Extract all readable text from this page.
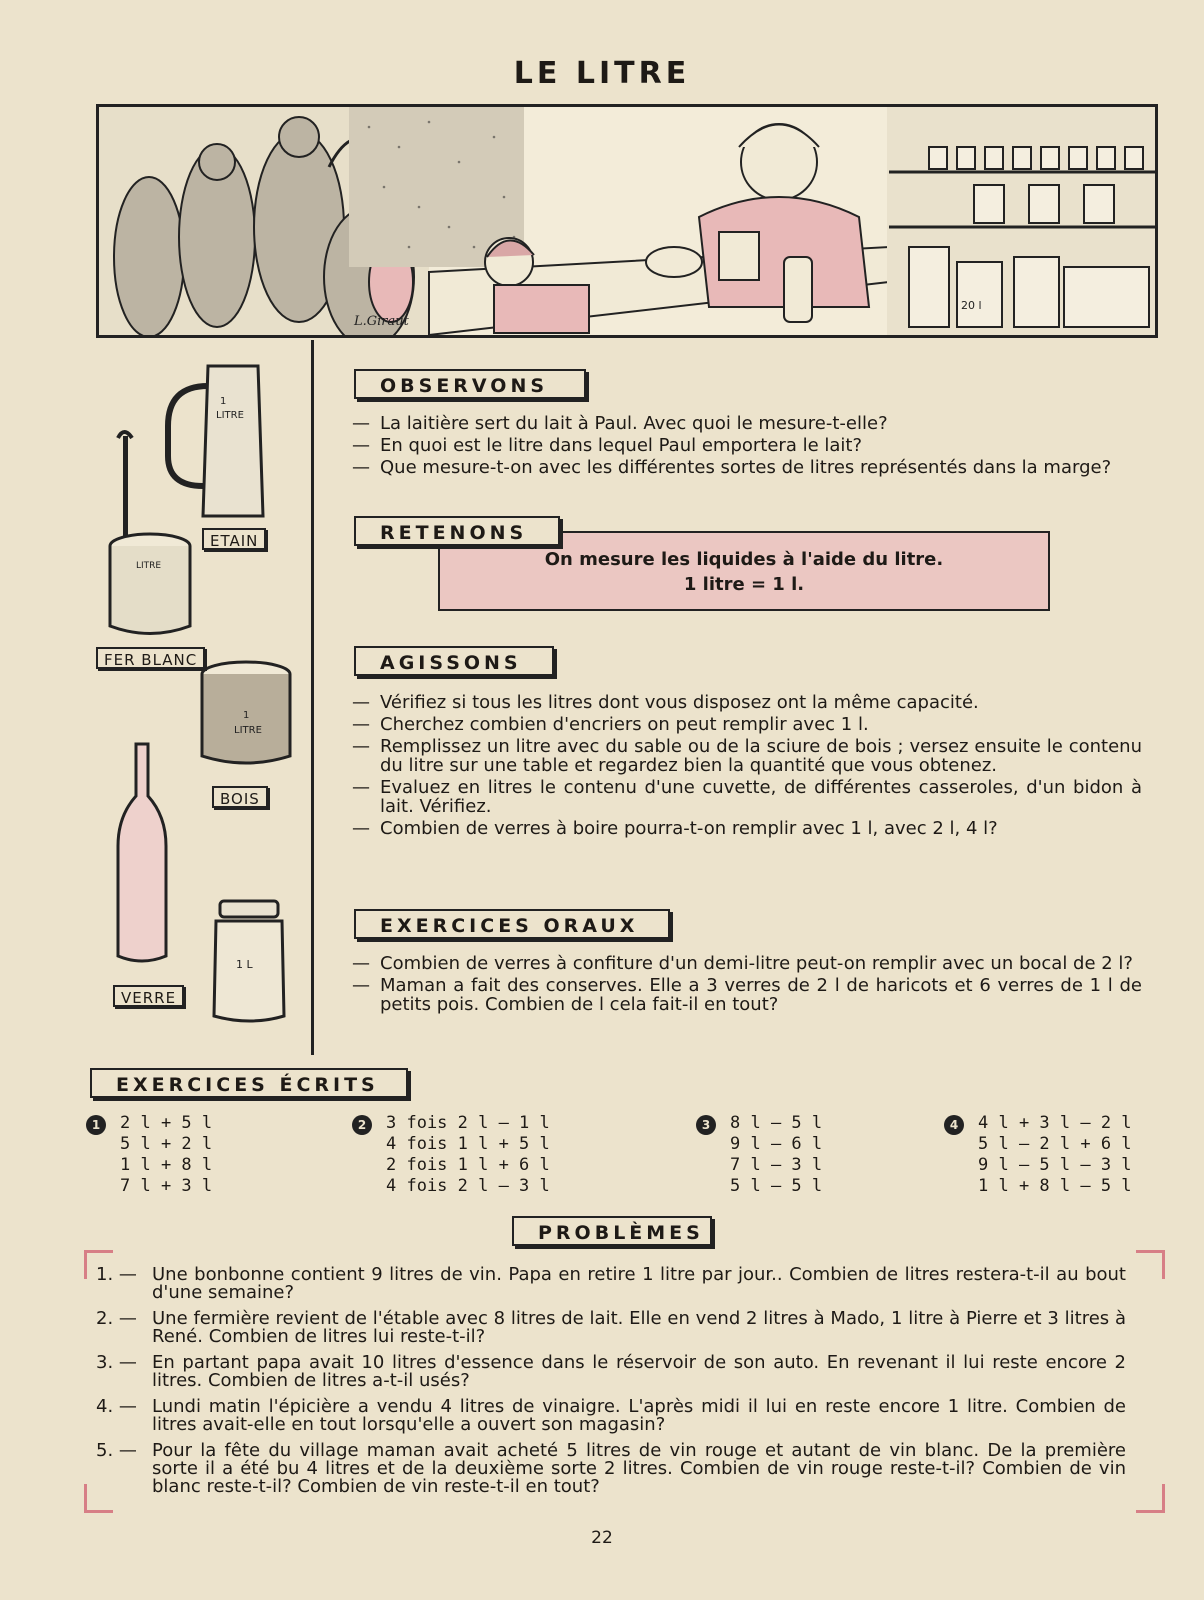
LE LITRE
L.Giraut
20 l
1
LITRE
LITRE
1
LITRE
1 L
ETAIN
FER BLANC
BOIS
VERRE
OBSERVONS
— La laitière sert du lait à Paul. Avec quoi le mesure-t-elle?
— En quoi est le litre dans lequel Paul emportera le lait?
— Que mesure-t-on avec les différentes sortes de litres représentés dans la marge?
On mesure les liquides à l'aide du litre.
1 litre = 1 l.
RETENONS
AGISSONS
— Vérifiez si tous les litres dont vous disposez ont la même capacité.
— Cherchez combien d'encriers on peut remplir avec 1 l.
— Remplissez un litre avec du sable ou de la sciure de bois ; versez ensuite le contenu du litre sur une table et regardez bien la quantité que vous obtenez.
— Evaluez en litres le contenu d'une cuvette, de différentes casseroles, d'un bidon à lait. Vérifiez.
— Combien de verres à boire pourra-t-on remplir avec 1 l, avec 2 l, 4 l?
EXERCICES ORAUX
— Combien de verres à confiture d'un demi-litre peut-on remplir avec un bocal de 2 l?
— Maman a fait des conserves. Elle a 3 verres de 2 l de haricots et 6 verres de 1 l de petits pois. Combien de l cela fait-il en tout?
EXERCICES ÉCRITS
1	2 l + 5 l
5 l + 2 l
1 l + 8 l
7 l + 3 l
2	3 fois 2 l — 1 l
4 fois 1 l + 5 l
2 fois 1 l + 6 l
4 fois 2 l — 3 l
3	8 l — 5 l
9 l — 6 l
7 l — 3 l
5 l — 5 l
4	4 l + 3 l — 2 l
5 l — 2 l + 6 l
9 l — 5 l — 3 l
1 l + 8 l — 5 l
PROBLÈMES
1. — Une bonbonne contient 9 litres de vin. Papa en retire 1 litre par jour.. Combien de litres restera-t-il au bout d'une semaine?
2. — Une fermière revient de l'étable avec 8 litres de lait. Elle en vend 2 litres à Mado, 1 litre à Pierre et 3 litres à René. Combien de litres lui reste-t-il?
3. — En partant papa avait 10 litres d'essence dans le réservoir de son auto. En revenant il lui reste encore 2 litres. Combien de litres a-t-il usés?
4. — Lundi matin l'épicière a vendu 4 litres de vinaigre. L'après midi il lui en reste encore 1 litre. Combien de litres avait-elle en tout lorsqu'elle a ouvert son magasin?
5. — Pour la fête du village maman avait acheté 5 litres de vin rouge et autant de vin blanc. De la première sorte il a été bu 4 litres et de la deuxième sorte 2 litres. Combien de vin rouge reste-t-il? Combien de vin blanc reste-t-il? Combien de vin reste-t-il en tout?
22
